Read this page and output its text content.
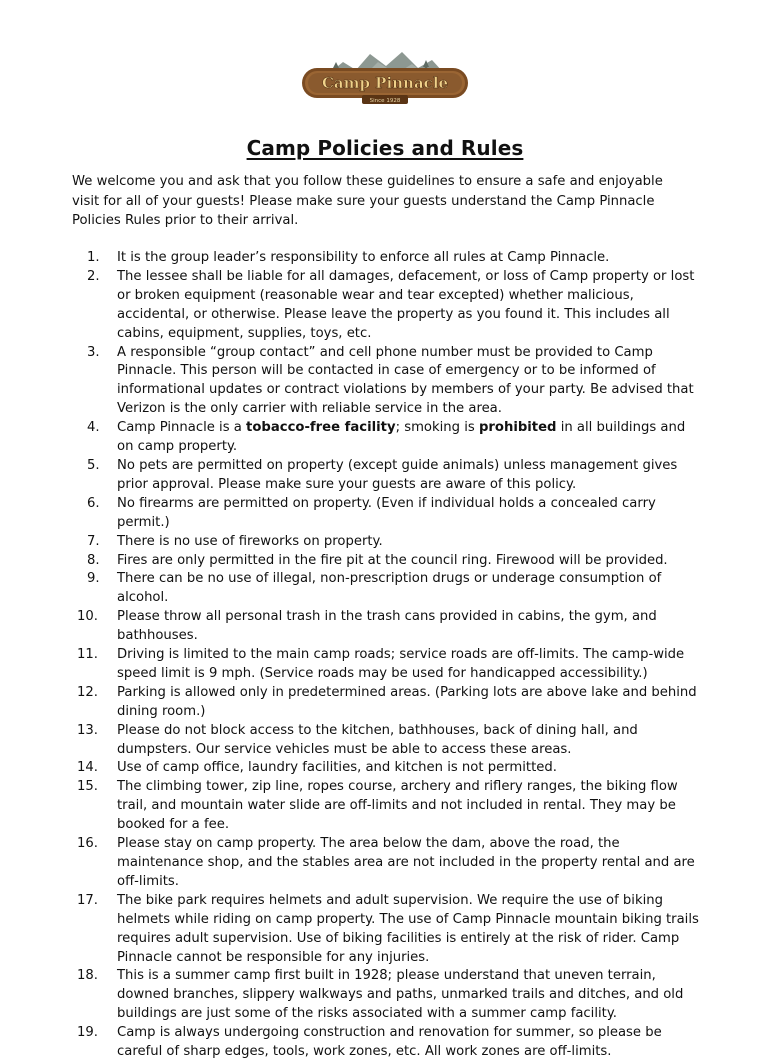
Camp Pinnacle
Since 1928
Camp Policies and Rules

We welcome you and ask that you follow these guidelines to ensure a safe and enjoyable visit for all of your guests! Please make sure your guests understand the Camp Pinnacle Policies Rules prior to their arrival.

1.	It is the group leader’s responsibility to enforce all rules at Camp Pinnacle.
2.	The lessee shall be liable for all damages, defacement, or loss of Camp property or lost or broken equipment (reasonable wear and tear excepted) whether malicious, accidental, or otherwise. Please leave the property as you found it. This includes all cabins, equipment, supplies, toys, etc.
3.	A responsible “group contact” and cell phone number must be provided to Camp Pinnacle. This person will be contacted in case of emergency or to be informed of informational updates or contract violations by members of your party. Be advised that Verizon is the only carrier with reliable service in the area.
4.	Camp Pinnacle is a tobacco-free facility; smoking is prohibited in all buildings and on camp property.
5.	No pets are permitted on property (except guide animals) unless management gives prior approval. Please make sure your guests are aware of this policy.
6.	No firearms are permitted on property. (Even if individual holds a concealed carry permit.)
7.	There is no use of fireworks on property.
8.	Fires are only permitted in the fire pit at the council ring. Firewood will be provided.
9.	There can be no use of illegal, non-prescription drugs or underage consumption of alcohol.
10.	Please throw all personal trash in the trash cans provided in cabins, the gym, and bathhouses.
11.	Driving is limited to the main camp roads; service roads are off-limits. The camp-wide speed limit is 9 mph. (Service roads may be used for handicapped accessibility.)
12.	Parking is allowed only in predetermined areas. (Parking lots are above lake and behind dining room.)
13.	Please do not block access to the kitchen, bathhouses, back of dining hall, and dumpsters. Our service vehicles must be able to access these areas.
14.	Use of camp office, laundry facilities, and kitchen is not permitted.
15.	The climbing tower, zip line, ropes course, archery and riflery ranges, the biking flow trail, and mountain water slide are off-limits and not included in rental. They may be booked for a fee.
16.	Please stay on camp property. The area below the dam, above the road, the maintenance shop, and the stables area are not included in the property rental and are off-limits.
17.	The bike park requires helmets and adult supervision. We require the use of biking helmets while riding on camp property. The use of Camp Pinnacle mountain biking trails requires adult supervision. Use of biking facilities is entirely at the risk of rider. Camp Pinnacle cannot be responsible for any injuries.
18.	This is a summer camp first built in 1928; please understand that uneven terrain, downed branches, slippery walkways and paths, unmarked trails and ditches, and old buildings are just some of the risks associated with a summer camp facility.
19.	Camp is always undergoing construction and renovation for summer, so please be careful of sharp edges, tools, work zones, etc. All work zones are off-limits.
